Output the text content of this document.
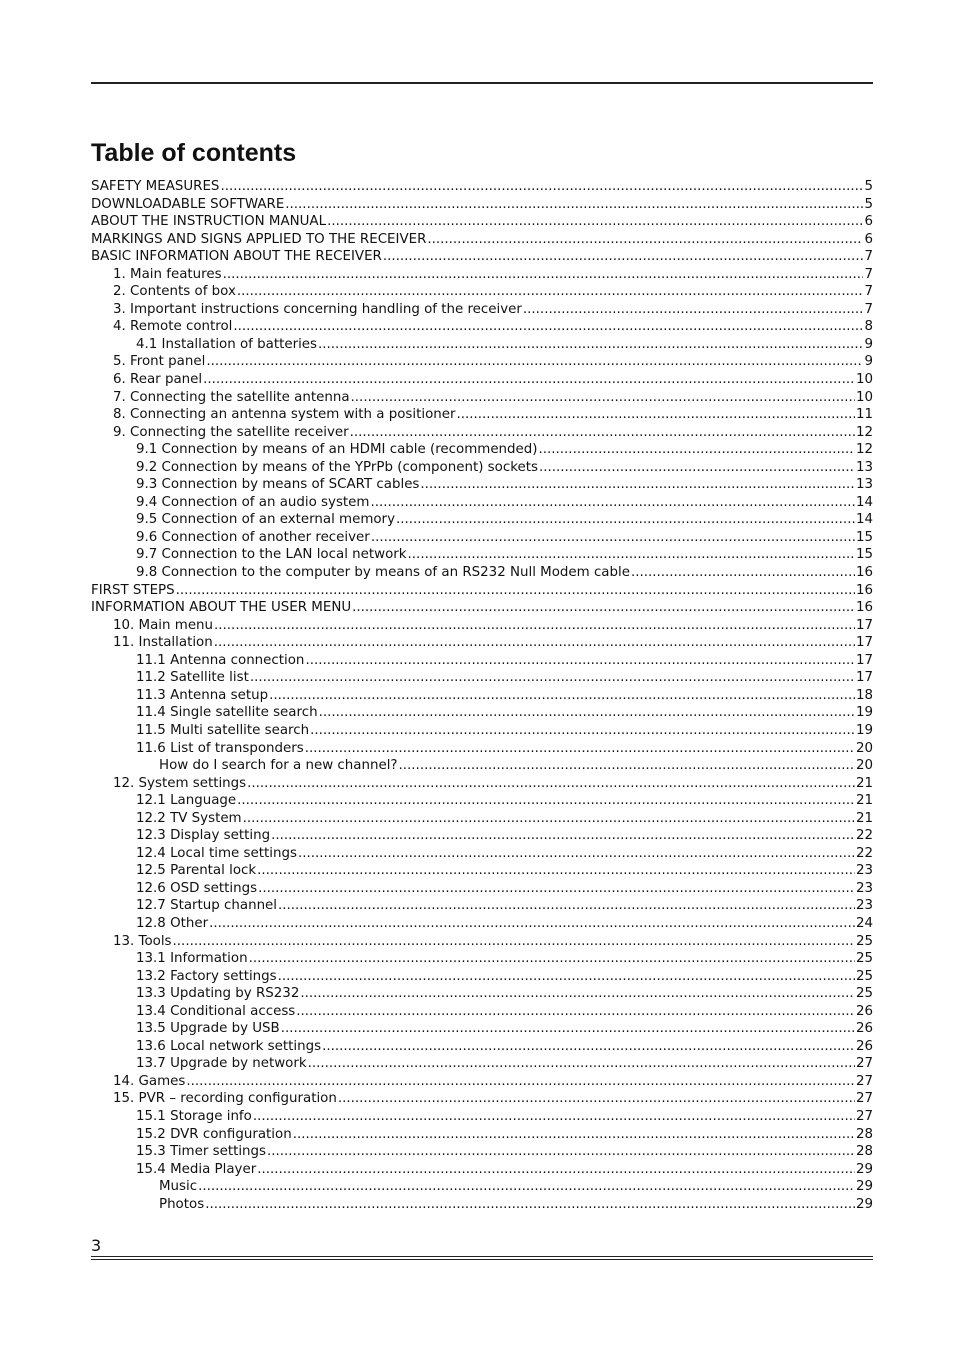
Table of contents
SAFETY MEASURES .....	5
DOWNLOADABLE SOFTWARE .....	5
ABOUT THE INSTRUCTION MANUAL .....	6
MARKINGS AND SIGNS APPLIED TO THE RECEIVER .....	6
BASIC INFORMATION ABOUT THE RECEIVER .....	7
1. Main features .....	7
2. Contents of box .....	7
3. Important instructions concerning handling of the receiver .....	7
4. Remote control .....	8
4.1 Installation of batteries .....	9
5. Front panel .....	9
6. Rear panel .....	10
7. Connecting the satellite antenna .....	10
8. Connecting an antenna system with a positioner .....	11
9. Connecting the satellite receiver .....	12
9.1 Connection by means of an HDMI cable (recommended) .....	12
9.2 Connection by means of the YPrPb (component) sockets .....	13
9.3 Connection by means of SCART cables .....	13
9.4 Connection of an audio system .....	14
9.5 Connection of an external memory .....	14
9.6 Connection of another receiver .....	15
9.7 Connection to the LAN local network .....	15
9.8 Connection to the computer by means of an RS232 Null Modem cable .....	16
FIRST STEPS .....	16
INFORMATION ABOUT THE USER MENU .....	16
10. Main menu .....	17
11. Installation .....	17
11.1 Antenna connection .....	17
11.2 Satellite list .....	17
11.3 Antenna setup .....	18
11.4 Single satellite search .....	19
11.5 Multi satellite search .....	19
11.6 List of transponders .....	20
How do I search for a new channel? .....	20
12. System settings .....	21
12.1 Language .....	21
12.2 TV System .....	21
12.3 Display setting .....	22
12.4 Local time settings .....	22
12.5 Parental lock .....	23
12.6 OSD settings .....	23
12.7 Startup channel .....	23
12.8 Other .....	24
13. Tools .....	25
13.1 Information .....	25
13.2 Factory settings .....	25
13.3 Updating by RS232 .....	25
13.4 Conditional access .....	26
13.5 Upgrade by USB .....	26
13.6 Local network settings .....	26
13.7 Upgrade by network .....	27
14. Games .....	27
15. PVR – recording configuration .....	27
15.1 Storage info .....	27
15.2 DVR configuration .....	28
15.3 Timer settings .....	28
15.4 Media Player .....	29
Music .....	29
Photos .....	29
3
